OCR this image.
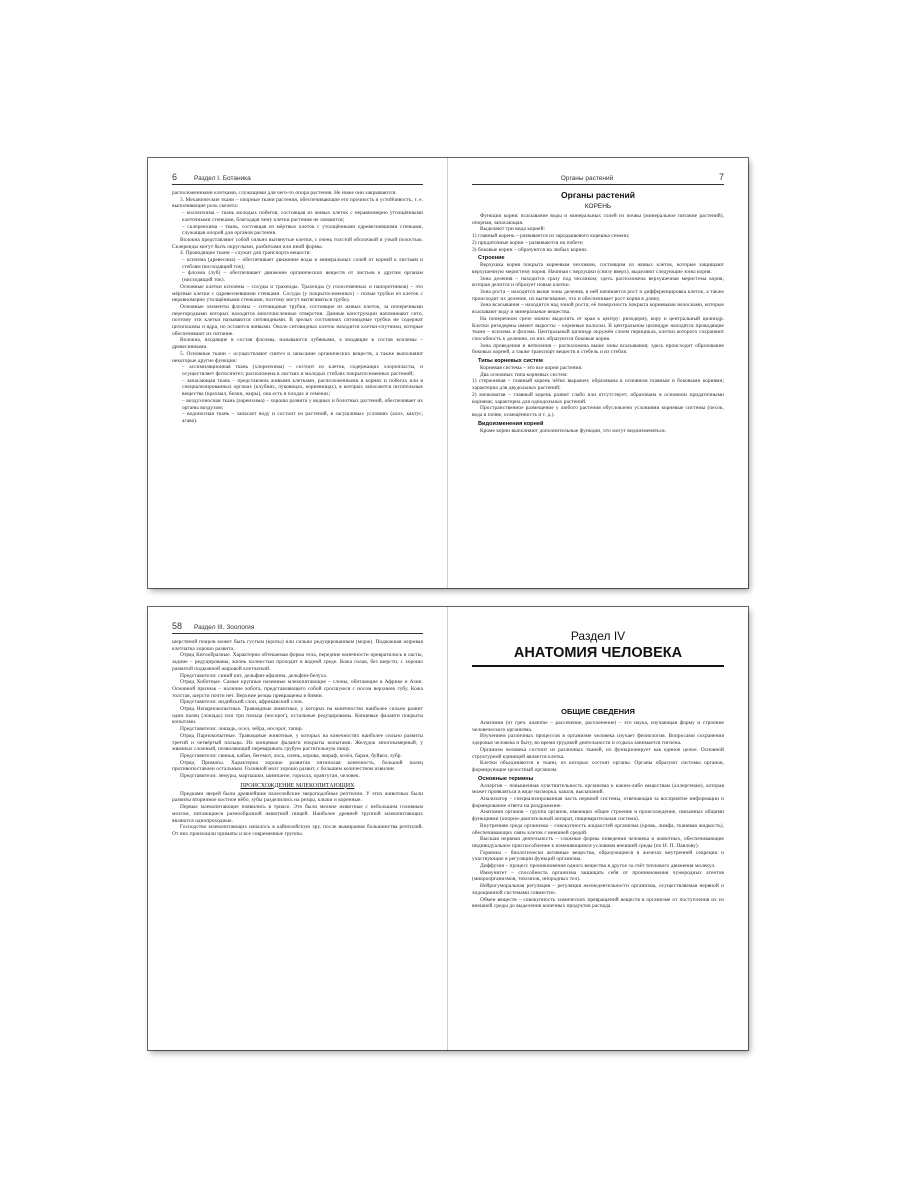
6	Раздел I. Ботаника

расположенными клетками, служащими для чего-то опора растения. Не ниже они закрываются.

3. Механические ткани – опорные ткани растения, обеспечивающие его прочность и устойчивость, т. е. выполняющие роль скелета:

– колленхима – ткань молодых побегов, состоящая из живых клеток с неравномерно утолщёнными клеточными стенками, благодаря чему клетки растения не ломаются;

– склеренхима – ткань, состоящая из мёртвых клеток с утолщёнными одревесневшими стенками, служащая опорой для органов растения.

Волокна представляют собой сильно вытянутые клетки, с очень толстой оболочкой и узкой полостью. Склереиды могут быть округлыми, разбитыми или иной формы.

4. Проводящие ткани – служат для транспорта веществ:

– ксилема (древесина) – обеспечивает движение воды и минеральных солей от корней к листьям и стеблям (восходящий ток);

– флоэма (луб) – обеспечивает движение органических веществ от листьев к другим органам (нисходящий ток).

Основные клетки ксилемы – сосуды и трахеиды. Трахеиды (у голосеменных и папоротников) – это мёртвые клетки с одревесневшими стенками. Сосуды (у покрытосеменных) – полые трубки из клеток с неравномерно утолщёнными стенками, поэтому могут вытягиваться трубку.

Основные элементы флоэмы – ситовидные трубки, состоящие из живых клеток, за поперечными перегородками которых находятся многочисленные отверстия. Данные конструкции напоминают сито, поэтому эти клетки называются ситовидными. В зрелых состояниях ситовидные трубки не содержат цитоплазмы и ядра, но остаются живыми. Около ситовидных клеток находятся клетки-спутники, которые обеспечивают их питание.

Волокна, входящие в состав флоэмы, называются лубяными, а входящие в состав ксилемы – древесинными.

5. Основные ткани – осуществляют синтез и запасание органических веществ, а также выполняют некоторые другие функции:

– ассимиляционная ткань (хлоренхима) – состоит из клеток, содержащих хлоропласты, и осуществляет фотосинтез; расположена в листьях и молодых стеблях покрытосеменных растений;

– запасающая ткань – представлена живыми клетками, расположенными в корнях и побегах или в специализированных органах (клубнях, луковицах, корневищах), в которых запасаются питательные вещества (крахмал, белки, жиры), она есть в плодах и семенах;

– воздухоносная ткань (аэренхима) – хорошо развита у водных и болотных растений, обеспечивает их органы воздухом;

– водоносная ткань – запасает воду и состоит из растений, в засушливых условиях (алоэ, кактус, агава).

Органы растений	7
Органы растений
КОРЕНЬ

Функции корня: всасывание воды и минеральных солей из почвы (минеральное питание растений), опорная, запасающая.

Выделяют три вида корней:

1) главный корень – развивается из зародышевого корешка семени;

2) придаточные корни – развиваются на побеге;

3) боковые корни – образуются на любых корнях.

Строение

Верхушка корня покрыта корневым чехликом, состоящим из живых клеток, которые защищают верхушечную меристему корня. Начиная с верхушки (снизу вверх), выделяют следующие зоны корня.

Зона деления – находится сразу под чехликом; здесь расположена верхушечная меристема корня, которая делится и образует новые клетки.

Зона роста – находится выше зоны деления, в ней начинается рост и дифференцировка клеток, а также происходит их деление, их вытягивание, что и обеспечивает рост корня в длину.

Зона всасывания – находится над зоной роста; её поверхность покрыта корневыми волосками, которые всасывают воду и минеральные вещества.

На поперечном срезе можно выделить от края к центру: ризодерму, кору и центральный цилиндр. Клетки ризодермы имеют выросты – корневые волоски. В центральном цилиндре находятся проводящие ткани – ксилема и флоэма. Центральный цилиндр окружён слоем перицикла, клетки которого сохраняют способность к делению, из них образуются боковые корни.

Зона проведения и ветвления – расположена выше зоны всасывания; здесь происходит образование боковых корней, а также транспорт веществ в стебель и из стебля.

Типы корневых систем

Корневая система – это все корни растения.

Два основных типа корневых систем:

1) стержневая – главный корень чётко выражен; образована в основном главным и боковыми корнями; характерна для двудольных растений;

2) мочковатая – главный корень развит слабо или отсутствует; образована в основном придаточными корнями; характерна для однодольных растений.

Пространственное размещение у любого растения обусловлено условиями корневые системы (песок, вода в почве, освещённость и т. д.).

Видоизменения корней

Кроме корни выполняют дополнительные функции, что могут видоизменяться.

58	Раздел III. Зоология

шерстяной покров может быть густым (кроты) или сильно редуцированным (морж). Подкожная жировая клетчатка хорошо развита.

Отряд Китообразные. Характерна обтекаемая форма тела, передние конечности превратились в ласты, задние – редуцированы, жизнь полностью проходит в водной среде. Кожа голая, без шерсти, с хорошо развитой подкожной жировой клетчаткой.

Представители: синий кит, дельфин-афалина, дельфин-белуха.

Отряд Хоботные. Самые крупные наземные млекопитающие – слоны, обитающие в Африке и Азии. Основной признак – наличие хобота, представляющего собой сросшуюся с носом верхнюю губу. Кожа толстая, шерсти почти нет. Верхние резцы превращены в бивни.

Представители: индийский слон, африканский слон.

Отряд Непарнокопытные. Травоядные животные, у которых на конечностях наиболее сильно развит один палец (лошадь) или три пальца (носорог), остальные редуцированы. Концевые фаланги покрыты копытами.

Представители: лошадь, осел, зебра, носорог, тапир.

Отряд Парнокопытные. Травоядные животные, у которых на конечностях наиболее сильно развиты третий и четвёртый пальцы. Их концевые фаланги покрыты копытами. Желудок многокамерный, у жвачных сложный, позволяющий переваривать грубую растительную пищу.

Представители: свинья, кабан, бегемот, лось, олень, корова, жираф, козёл, баран, буйвол, зубр.

Отряд Приматы. Характерна хорошо развитая пятипалая конечность, большой палец противопоставлен остальным. Головной мозг хорошо развит, с большим количеством извилин.

Представители: лемуры, мартышки, шимпанзе, горилла, орангутан, человек.

ПРОИСХОЖДЕНИЕ МЛЕКОПИТАЮЩИХ

Предками зверей были древнейшие палеозойские звероподобные рептилии. У этих животных были развиты вторичное костное нёбо, зубы разделились на резцы, клыки и коренные.

Первые млекопитающие появились в триасе. Это были мелкие животные с небольшим головным мозгом, питающиеся разнообразной животной пищей. Наиболее древней группой млекопитающих являются однопроходные.

Господство млекопитающих началось в кайнозойскую эру, после вымирания большинства рептилий. От них произошли приматы и все современные группы.

Раздел IV
АНАТОМИЯ ЧЕЛОВЕКА
ОБЩИЕ СВЕДЕНИЯ

Анатомия (от греч. anatome – рассечение, расчленение) – это наука, изучающая форму и строение человеческого организма.

Изучением различных процессов в организме человека изучает физиология. Вопросами сохранения здоровья человека и быту, во время трудовой деятельности и отдыха занимается гигиена.

Организм человека состоит из различных тканей, их функционирует как единое целое. Основной структурной единицей является клетка.

Клетки объединяются в ткани, из которых состоят органы. Органы образуют системы органов, формирующие целостный организм.

Основные термины

Аллергия – повышенная чувствительность организма к каким-либо веществам (аллергенам), которая может проявляться в виде насморка, кашля, высыпаний.

Анализатор – специализированная часть нервной системы, отвечающая за восприятие информации и формирование ответа на раздражение.

Анатомия органов – группа органов, имеющих общее строение и происхождение, связанных общими функциями (опорно-двигательный аппарат, пищеварительная система).

Внутренняя среда организма – совокупность жидкостей организма (кровь, лимфа, тканевая жидкость), обеспечивающих связь клеток с внешней средой.

Высшая нервная деятельность – сложные формы поведения человека и животных, обеспечивающие индивидуальное приспособление к изменяющимся условиям внешней среды (по И. П. Павлову).

Гормоны – биологически активные вещества, образующиеся в железах внутренней секреции и участвующие в регуляции функций организма.

Диффузия – процесс проникновения одного вещества в другое за счёт теплового движения молекул.

Иммунитет – способность организма защищать себя от проникновения чужеродных агентов (микроорганизмов, токсинов, инородных тел).

Нейрогуморальная регуляция – регуляция жизнедеятельности организма, осуществляемая нервной и эндокринной системами совместно.

Обмен веществ – совокупность химических превращений веществ в организме от поступления их из внешней среды до выделения конечных продуктов распада.
